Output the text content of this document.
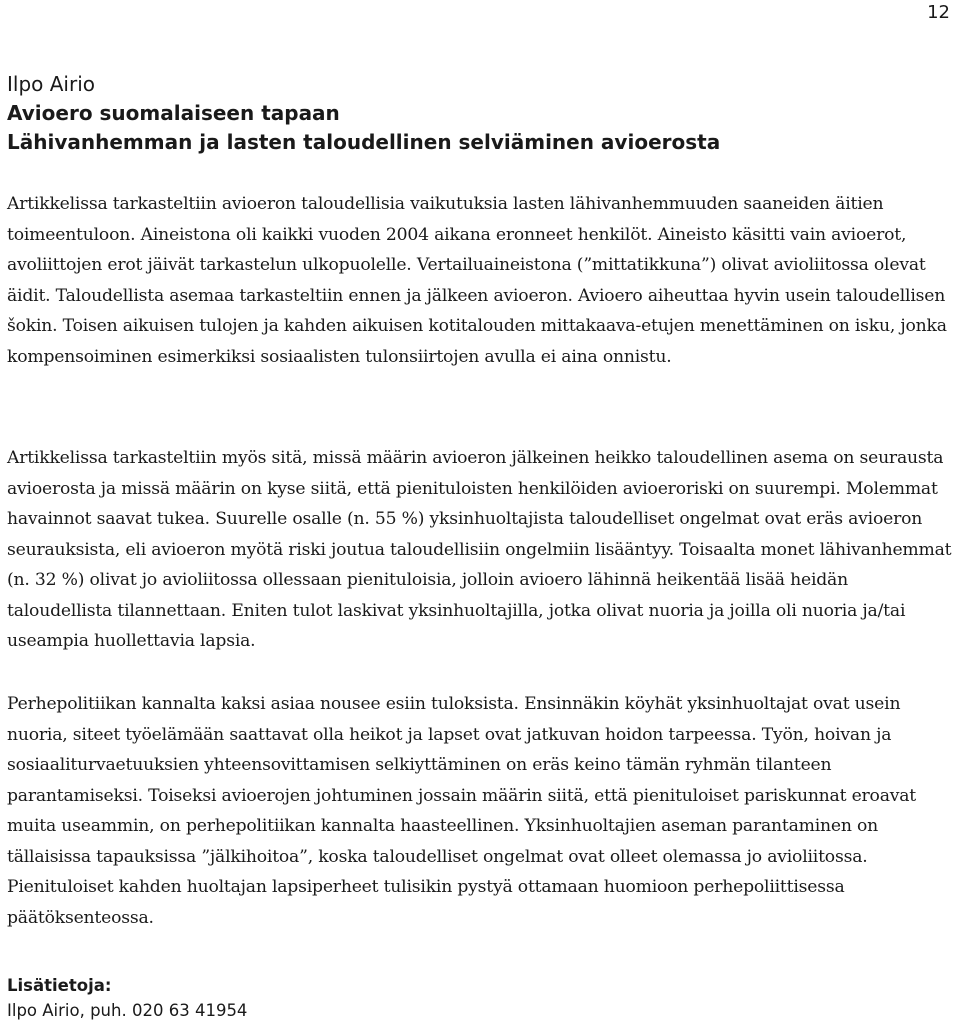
12
Ilpo Airio
Avioero suomalaiseen tapaan
Lähivanhemman ja lasten taloudellinen selviäminen avioerosta

Artikkelissa tarkasteltiin avioeron taloudellisia vaikutuksia lasten lähivanhemmuuden saaneiden äitien toimeentuloon. Aineistona oli kaikki vuoden 2004 aikana eronneet henkilöt. Aineisto käsitti vain avioerot, avoliittojen erot jäivät tarkastelun ulkopuolelle. Vertailuaineistona (”mittatikkuna”) olivat avioliitossa olevat äidit. Taloudellista asemaa tarkasteltiin ennen ja jälkeen avioeron. Avioero aiheuttaa hyvin usein taloudellisen šokin. Toisen aikuisen tulojen ja kahden aikuisen kotitalouden mittakaava-etujen menettäminen on isku, jonka kompensoiminen esimerkiksi sosiaalisten tulonsiirtojen avulla ei aina onnistu.

Artikkelissa tarkasteltiin myös sitä, missä määrin avioeron jälkeinen heikko taloudellinen asema on seurausta avioerosta ja missä määrin on kyse siitä, että pienituloisten henkilöiden avioeroriski on suurempi. Molemmat havainnot saavat tukea. Suurelle osalle (n. 55 %) yksinhuoltajista taloudelliset ongelmat ovat eräs avioeron seurauksista, eli avioeron myötä riski joutua taloudellisiin ongelmiin lisääntyy. Toisaalta monet lähivanhemmat (n. 32 %) olivat jo avioliitossa ollessaan pienituloisia, jolloin avioero lähinnä heikentää lisää heidän taloudellista tilannettaan. Eniten tulot laskivat yksinhuoltajilla, jotka olivat nuoria ja joilla oli nuoria ja/tai useampia huollettavia lapsia.

Perhepolitiikan kannalta kaksi asiaa nousee esiin tuloksista. Ensinnäkin köyhät yksinhuoltajat ovat usein nuoria, siteet työelämään saattavat olla heikot ja lapset ovat jatkuvan hoidon tarpeessa. Työn, hoivan ja sosiaaliturvaetuuksien yhteensovittamisen selkiyttäminen on eräs keino tämän ryhmän tilanteen parantamiseksi. Toiseksi avioerojen johtuminen jossain määrin siitä, että pienituloiset pariskunnat eroavat muita useammin, on perhepolitiikan kannalta haasteellinen. Yksinhuoltajien aseman parantaminen on tällaisissa tapauksissa ”jälkihoitoa”, koska taloudelliset ongelmat ovat olleet olemassa jo avioliitossa. Pienituloiset kahden huoltajan lapsiperheet tulisikin pystyä ottamaan huomioon perhepoliittisessa päätöksenteossa.

Lisätietoja:
Ilpo Airio, puh. 020 63 41954
